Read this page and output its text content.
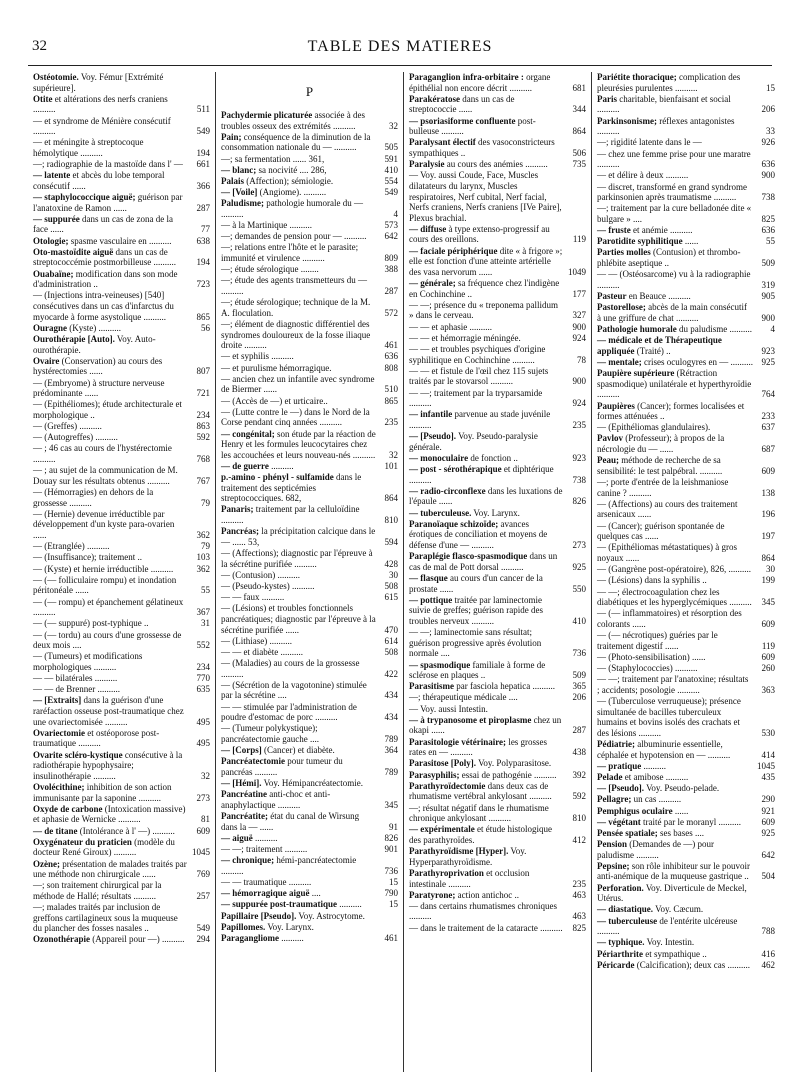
32	TABLE DES MATIERES
Ostéotomie. Voy. Fémur [Extrémité supérieure].
Otite et altérations des nerfs craniens ..........	511
— et syndrome de Ménière consécutif ..........	549
— et méningite à streptocoque hémolytique ..........	194
—; radiographie de la mastoïde dans l' —	661
— latente et abcès du lobe temporal consécutif ......	366
— staphylococcique aiguë; guérison par l'anatoxine de Ramon ......	287
— suppurée dans un cas de zona de la face ......	77
Otologie; spasme vasculaire en ..........	638
Oto-mastoïdite aiguë dans un cas de streptococcémie postmorbilleuse ..........	194
Ouabaïne; modification dans son mode d'administration ..	723
— (Injections intra-veineuses) [540] consécutives dans un cas d'infarctus du myocarde à forme asystolique ..........	865
Ouragne (Kyste) ..........	56
Ourothérapie [Auto]. Voy. Auto-ourothérapie.
Ovaire (Conservation) au cours des hystérectomies ......	807
— (Embryome) à structure nerveuse prédominante ......	721
— (Epithéliomes); étude architecturale et morphologique ..	234
— (Greffes) ..........	863
— (Autogreffes) ..........	592
— ; 46 cas au cours de l'hystérectomie ..........	768
— ; au sujet de la communication de M. Douay sur les résultats obtenus ..........	767
— (Hémorragies) en dehors de la grossesse ..........	79
— (Hernie) devenue irréductible par développement d'un kyste para-ovarien ......	362
— (Etranglée) ..........	79
— (Insuffisance); traitement ..	103
— (Kyste) et hernie irréductible ..........	362
— (— folliculaire rompu) et inondation péritonéale ......	55
— (— rompu) et épanchement gélatineux ..........	367
— (— suppuré) post-typhique ..	31
— (— tordu) au cours d'une grossesse de deux mois ....	552
— (Tumeurs) et modifications morphologiques ..........	234
— — bilatérales ..........	770
— — de Brenner ..........	635
— [Extraits] dans la guérison d'une raréfaction osseuse post-traumatique chez une ovariectomisée ..........	495
Ovariectomie et ostéoporose post-traumatique ..........	495
Ovarite scléro-kystique consécutive à la radiothérapie hypophysaire; insulinothérapie ..........	32
Ovolécithine; inhibition de son action immunisante par la saponine ..........	273
Oxyde de carbone (Intoxication massive) et aphasie de Wernicke ..........	81
— de titane (Intolérance à l' —) ..........	609
Oxygénateur du praticien (modèle du docteur René Giroux) ..........	1045
Ozène; présentation de malades traités par une méthode non chirurgicale ......	769
—; son traitement chirurgical par la méthode de Hallé; résultats ..........	257
—; malades traités par inclusion de greffons cartilagineux sous la muqueuse du plancher des fosses nasales ..	549
Ozonothérapie (Appareil pour —) ..........	294
P
Pachydermie plicaturée associée à des troubles osseux des extrémités ..........	32
Pain; conséquence de la diminution de la consommation nationale du — ..........	505
—; sa fermentation ...... 361,	591
— blanc; sa nocivité .... 286,	410
Palais (Affection); sémiologie.	554
— [Voile] (Angiome). ..........	549
Paludisme; pathologie humorale du — ..........	4
— à la Martinique ..........	573
—; demandes de pension pour — ..........	642
—; relations entre l'hôte et le parasite; immunité et virulence ..........	809
—; étude sérologique ........	388
—; étude des agents transmetteurs du — ..........	287
—; étude sérologique; technique de la M. A. floculation.	572
—; élément de diagnostic différentiel des syndromes douloureux de la fosse iliaque droite ..........	461
— et syphilis ..........	636
— et purulisme hémorragique.	808
— ancien chez un infantile avec syndrome de Biermer ......	510
— (Accès de —) et urticaire..	865
— (Lutte contre le —) dans le Nord de la Corse pendant cinq années ..........	235
— congénital; son étude par la réaction de Henry et les formules leucocytaires chez les accouchées et leurs nouveau-nés ..........	32
— de guerre ..........	101
p.-amino - phényl - sulfamide dans le traitement des septicémies streptococciques. 682,	864
Panaris; traitement par la celluloïdine ..........	810
Pancréas; la précipitation calcique dans le — ...... 53,	594
— (Affections); diagnostic par l'épreuve à la sécrétine purifiée ..........	428
— (Contusion) ..........	30
— (Pseudo-kystes) ..........	508
— — faux ..........	615
— (Lésions) et troubles fonctionnels pancréatiques; diagnostic par l'épreuve à la sécrétine purifiée ......	470
— (Lithiase) ..........	614
— — et diabète ..........	508
— (Maladies) au cours de la grossesse ..........	422
— (Sécrétion de la vagotonine) stimulée par la sécrétine ....	434
— — stimulée par l'administration de poudre d'estomac de porc ..........	434
— (Tumeur polykystique); pancréatectomie gauche ....	789
— [Corps] (Cancer) et diabète.	364
Pancréatectomie pour tumeur du pancréas ..........	789
— [Hémi]. Voy. Hémipancréatectomie.
Pancréatine anti-choc et anti-anaphylactique ..........	345
Pancréatite; état du canal de Wirsung dans la — ......	91
— aiguë ..........	826
— —; traitement ..........	901
— chronique; hémi-pancréatectomie ..........	736
— — traumatique ..........	15
— hémorragique aiguë ....	790
— suppurée post-traumatique ..........	15
Papillaire [Pseudo]. Voy. Astrocytome.
Papillomes. Voy. Larynx.
Paragangliome ..........	461
Paraganglion infra-orbitaire : organe épithélial non encore décrit ..........	681
Parakératose dans un cas de streptococcie ......	344
— psoriasiforme confluente post-bulleuse ..........	864
Paralysant électif des vasoconstricteurs sympathiques ..	506
Paralysie au cours des anémies ..........	735
— Voy. aussi Coude, Face, Muscles dilatateurs du larynx, Muscles respiratoires, Nerf cubital, Nerf facial, Nerfs craniens, Nerfs craniens [IVe Paire], Plexus brachial.
— diffuse à type extenso-progressif au cours des oreillons.	119
— faciale périphérique dite « à frigore »; elle est fonction d'une atteinte artérielle des vasa nervorum ......	1049
— générale; sa fréquence chez l'indigène en Cochinchine ..	177
— —; présence du « treponema pallidum » dans le cerveau.	327
— — et aphasie ..........	900
— — et hémorragie méningée.	924
— — et troubles psychiques d'origine syphilitique en Cochinchine ..........	78
— — et fistule de l'œil chez 115 sujets traités par le stovarsol ..........	900
— —; traitement par la tryparsamide ..........	924
— infantile parvenue au stade juvénile ..........	235
— [Pseudo]. Voy. Pseudo-paralysie générale.
— monoculaire de fonction ..	923
— post - sérothérapique et diphtérique ..........	738
— radio-circonflexe dans les luxations de l'épaule ......	826
— tuberculeuse. Voy. Larynx.
Paranoïaque schizoïde; avances érotiques de conciliation et moyens de défense d'une — ..........	273
Paraplégie flasco-spasmodique dans un cas de mal de Pott dorsal ..........	925
— flasque au cours d'un cancer de la prostate ......	550
— pottique traitée par laminectomie suivie de greffes; guérison rapide des troubles nerveux ..........	410
— —; laminectomie sans résultat; guérison progressive après évolution normale ....	736
— spasmodique familiale à forme de sclérose en plaques ..	509
Parasitisme par fasciola hepatica ..........	365
—; thérapeutique médicale ....	206
— Voy. aussi Intestin.
— à trypanosome et piroplasme chez un okapi ......	287
Parasitologie vétérinaire; les grosses rates en — ..........	438
Parasitose [Poly]. Voy. Polyparasitose.
Parasyphilis; essai de pathogénie ..........	392
Parathyroïdectomie dans deux cas de rhumatisme vertébral ankylosant ..........	592
—; résultat négatif dans le rhumatisme chronique ankylosant ..........	810
— expérimentale et étude histologique des parathyroïdes.	412
Parathyroïdisme [Hyper]. Voy. Hyperparathyroïdisme.
Parathyroprivation et occlusion intestinale ..........	235
Paratyrone; action antichoc ..	463
— dans certains rhumatismes chroniques ..........	463
— dans le traitement de la cataracte ..........	825
Pariétite thoracique; complication des pleurésies purulentes ..........	15
Paris charitable, bienfaisant et social ..........	206
Parkinsonisme; réflexes antagonistes ..........	33
—; rigidité latente dans le —	926
— chez une femme prise pour une maratre ..........	636
— et délire à deux ..........	900
— discret, transformé en grand syndrome parkinsonien après traumatisme ..........	738
—; traitement par la cure belladonée dite « bulgare » ....	825
— fruste et anémie ..........	636
Parotidite syphilitique ......	55
Parties molles (Contusion) et thrombo-phlébite aseptique ..	509
— — (Ostéosarcome) vu à la radiographie ..........	319
Pasteur en Beauce ..........	905
Pastorellose; abcès de la main consécutif à une griffure de chat ..........	900
Pathologie humorale du paludisme ..........	4
— médicale et de Thérapeutique appliquée (Traité) ..	923
— mentale; crises oculogyres en — .......... 925
Paupière supérieure (Rétraction spasmodique) unilatérale et hyperthyroïdie ..........	764
Paupières (Cancer); formes localisées et formes atténuées ..	233
— (Epithéliomas glandulaires).	637
Pavlov (Professeur); à propos de la nécrologie du — ......	687
Peau; méthode de recherche de sa sensibilité: le test palpébral. ..........	609
—; porte d'entrée de la leishmaniose canine ? ..........	138
— (Affections) au cours des traitement arsenicaux ......	196
— (Cancer); guérison spontanée de quelques cas ......	197
— (Epithéliomas métastatiques) à gros noyaux ......	864
— (Gangrène post-opératoire), 826, ..........	30
— (Lésions) dans la syphilis ..	199
— —; électrocoagulation chez les diabétiques et les hyperglycémiques ..........	345
— (— inflammatoires) et résorption des colorants ......	609
— (— nécrotiques) guéries par le traitement digestif ......	119
— (Photo-sensibilisation) ......	609
— (Staphylococcies) ..........	260
— —; traitement par l'anatoxine; résultats ; accidents; posologie ..........	363
— (Tuberculose verruqueuse); présence simultanée de bacilles tuberculeux humains et bovins isolés des crachats et des lésions ..........	530
Pédiatrie; albuminurie essentielle, céphalée et hypotension en — ..........	414
— pratique ..........	1045
Pelade et amibose ..........	435
— [Pseudo]. Voy. Pseudo-pelade.
Pellagre; un cas ..........	290
Pemphigus oculaire ......	921
— végétant traité par le moranyl ..........	609
Pensée spatiale; ses bases ....	925
Pension (Demandes de —) pour paludisme ..........	642
Pepsine; son rôle inhibiteur sur le pouvoir anti-anémique de la muqueuse gastrique ..	504
Perforation. Voy. Diverticule de Meckel, Utérus.
— diastatique. Voy. Cæcum.
— tuberculeuse de l'entérite ulcéreuse ..........	788
— typhique. Voy. Intestin.
Périarthrite et sympathique ..	416
Péricarde (Calcification); deux cas ..........	462
